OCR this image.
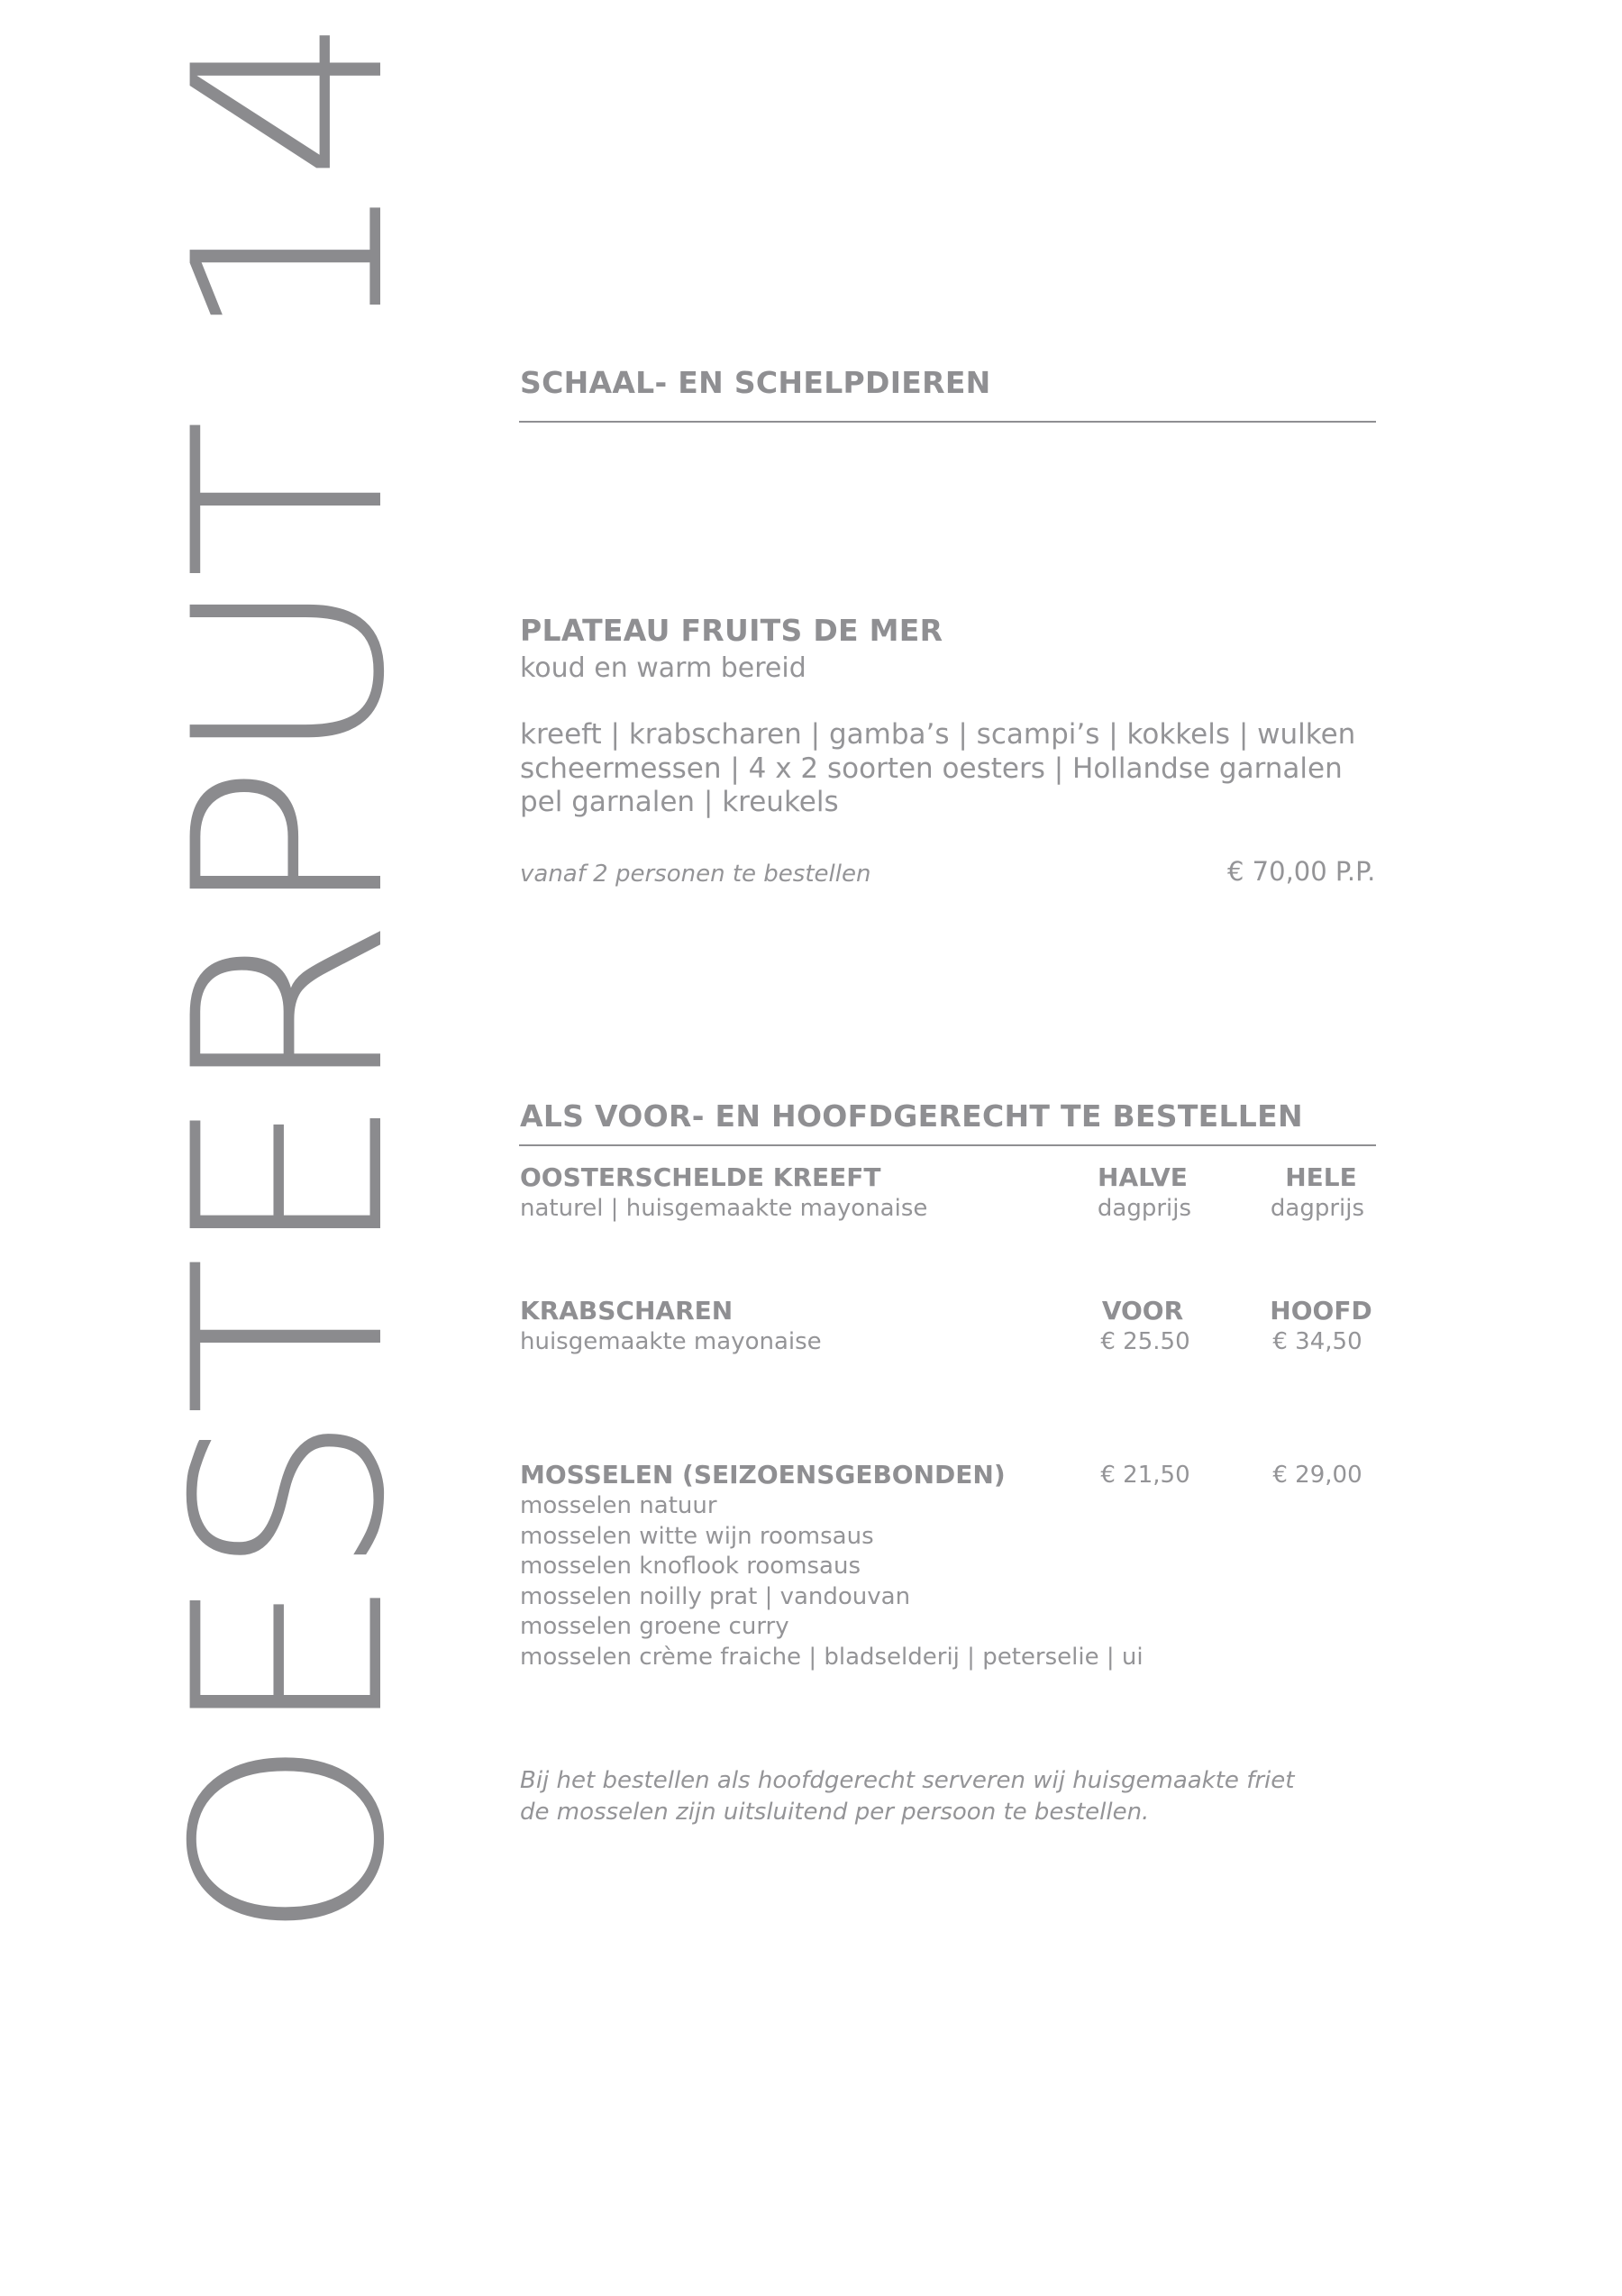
OESTERPUT 14	SCHAAL- EN SCHELPDIEREN
PLATEAU FRUITS DE MER
koud en warm bereid
kreeft | krabscharen | gamba’s | scampi’s | kokkels | wulken
scheermessen | 4 x 2 soorten oesters | Hollandse garnalen
pel garnalen | kreukels
vanaf 2 personen te bestellen	€ 70,00 P.P.
ALS VOOR- EN HOOFDGERECHT TE BESTELLEN
OOSTERSCHELDE KREEFT
naturel | huisgemaakte mayonaise
HALVE	HELE
dagprijs	dagprijs
KRABSCHAREN
huisgemaakte mayonaise
VOOR	HOOFD
€ 25.50	€ 34,50
MOSSELEN (SEIZOENSGEBONDEN)	€ 21,50	€ 29,00
mosselen natuur
mosselen witte wijn roomsaus
mosselen knoflook roomsaus
mosselen noilly prat | vandouvan
mosselen groene curry
mosselen crème fraiche | bladselderij | peterselie | ui
Bij het bestellen als hoofdgerecht serveren wij huisgemaakte friet
de mosselen zijn uitsluitend per persoon te bestellen.
